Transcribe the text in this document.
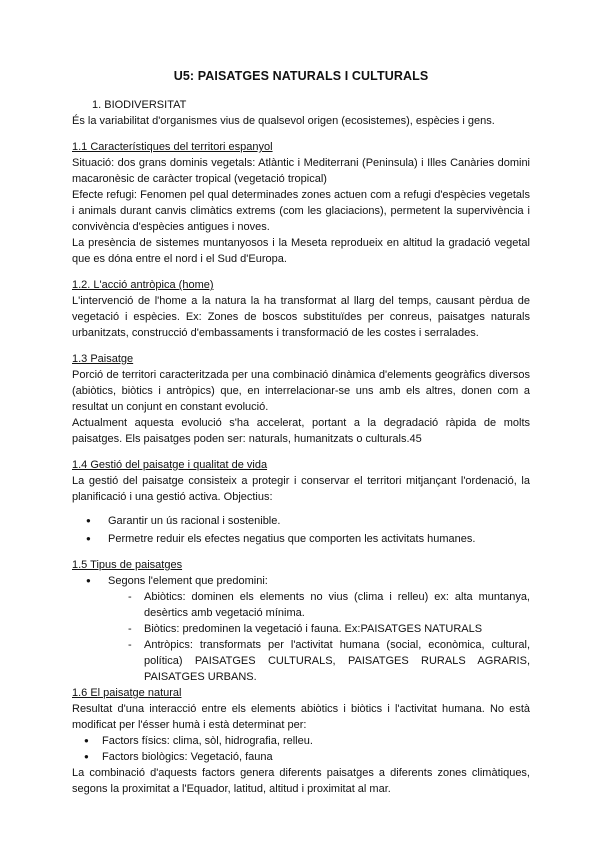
U5: PAISATGES NATURALS I CULTURALS

1. BIODIVERSITAT

És la variabilitat d'organismes vius de qualsevol origen (ecosistemes), espècies i gens.

1.1 Característiques del territori espanyol

Situació: dos grans dominis vegetals: Atlàntic i Mediterrani (Peninsula) i Illes Canàries domini macaronèsic de caràcter tropical (vegetació tropical)

Efecte refugi: Fenomen pel qual determinades zones actuen com a refugi d'espècies vegetals i animals durant canvis climàtics extrems (com les glaciacions), permetent la supervivència i convivència d'espècies antigues i noves.

La presència de sistemes muntanyosos i la Meseta reprodueix en altitud la gradació vegetal que es dóna entre el nord i el Sud d'Europa.

1.2. L'acció antròpica (home)

L'intervenció de l'home a la natura la ha transformat al llarg del temps, causant pèrdua de vegetació i espècies. Ex: Zones de boscos substituïdes per conreus, paisatges naturals urbanitzats, construcció d'embassaments i transformació de les costes i serralades.

1.3 Paisatge

Porció de territori caracteritzada per una combinació dinàmica d'elements geogràfics diversos (abiòtics, biòtics i antròpics) que, en interrelacionar-se uns amb els altres, donen com a resultat un conjunt en constant evolució.

Actualment aquesta evolució s'ha accelerat, portant a la degradació ràpida de molts paisatges. Els paisatges poden ser: naturals, humanitzats o culturals.45

1.4 Gestió del paisatge i qualitat de vida

La gestió del paisatge consisteix a protegir i conservar el territori mitjançant l'ordenació, la planificació i una gestió activa. Objectius:

● Garantir un ús racional i sostenible.
● Permetre reduir els efectes negatius que comporten les activitats humanes.

1.5 Tipus de paisatges

● Segons l'element que predomini:
- Abiòtics: dominen els elements no vius (clima i relleu) ex: alta muntanya, desèrtics amb vegetació mínima.
- Biòtics: predominen la vegetació i fauna. Ex:PAISATGES NATURALS
- Antròpics: transformats per l'activitat humana (social, econòmica, cultural, política) PAISATGES CULTURALS, PAISATGES RURALS AGRARIS, PAISATGES URBANS.

1.6 El paisatge natural

Resultat d'una interacció entre els elements abiòtics i biòtics i l'activitat humana. No està modificat per l'ésser humà i està determinat per:

● Factors físics: clima, sòl, hidrografia, relleu.
● Factors biològics: Vegetació, fauna

La combinació d'aquests factors genera diferents paisatges a diferents zones climàtiques, segons la proximitat a l'Equador, latitud, altitud i proximitat al mar.
